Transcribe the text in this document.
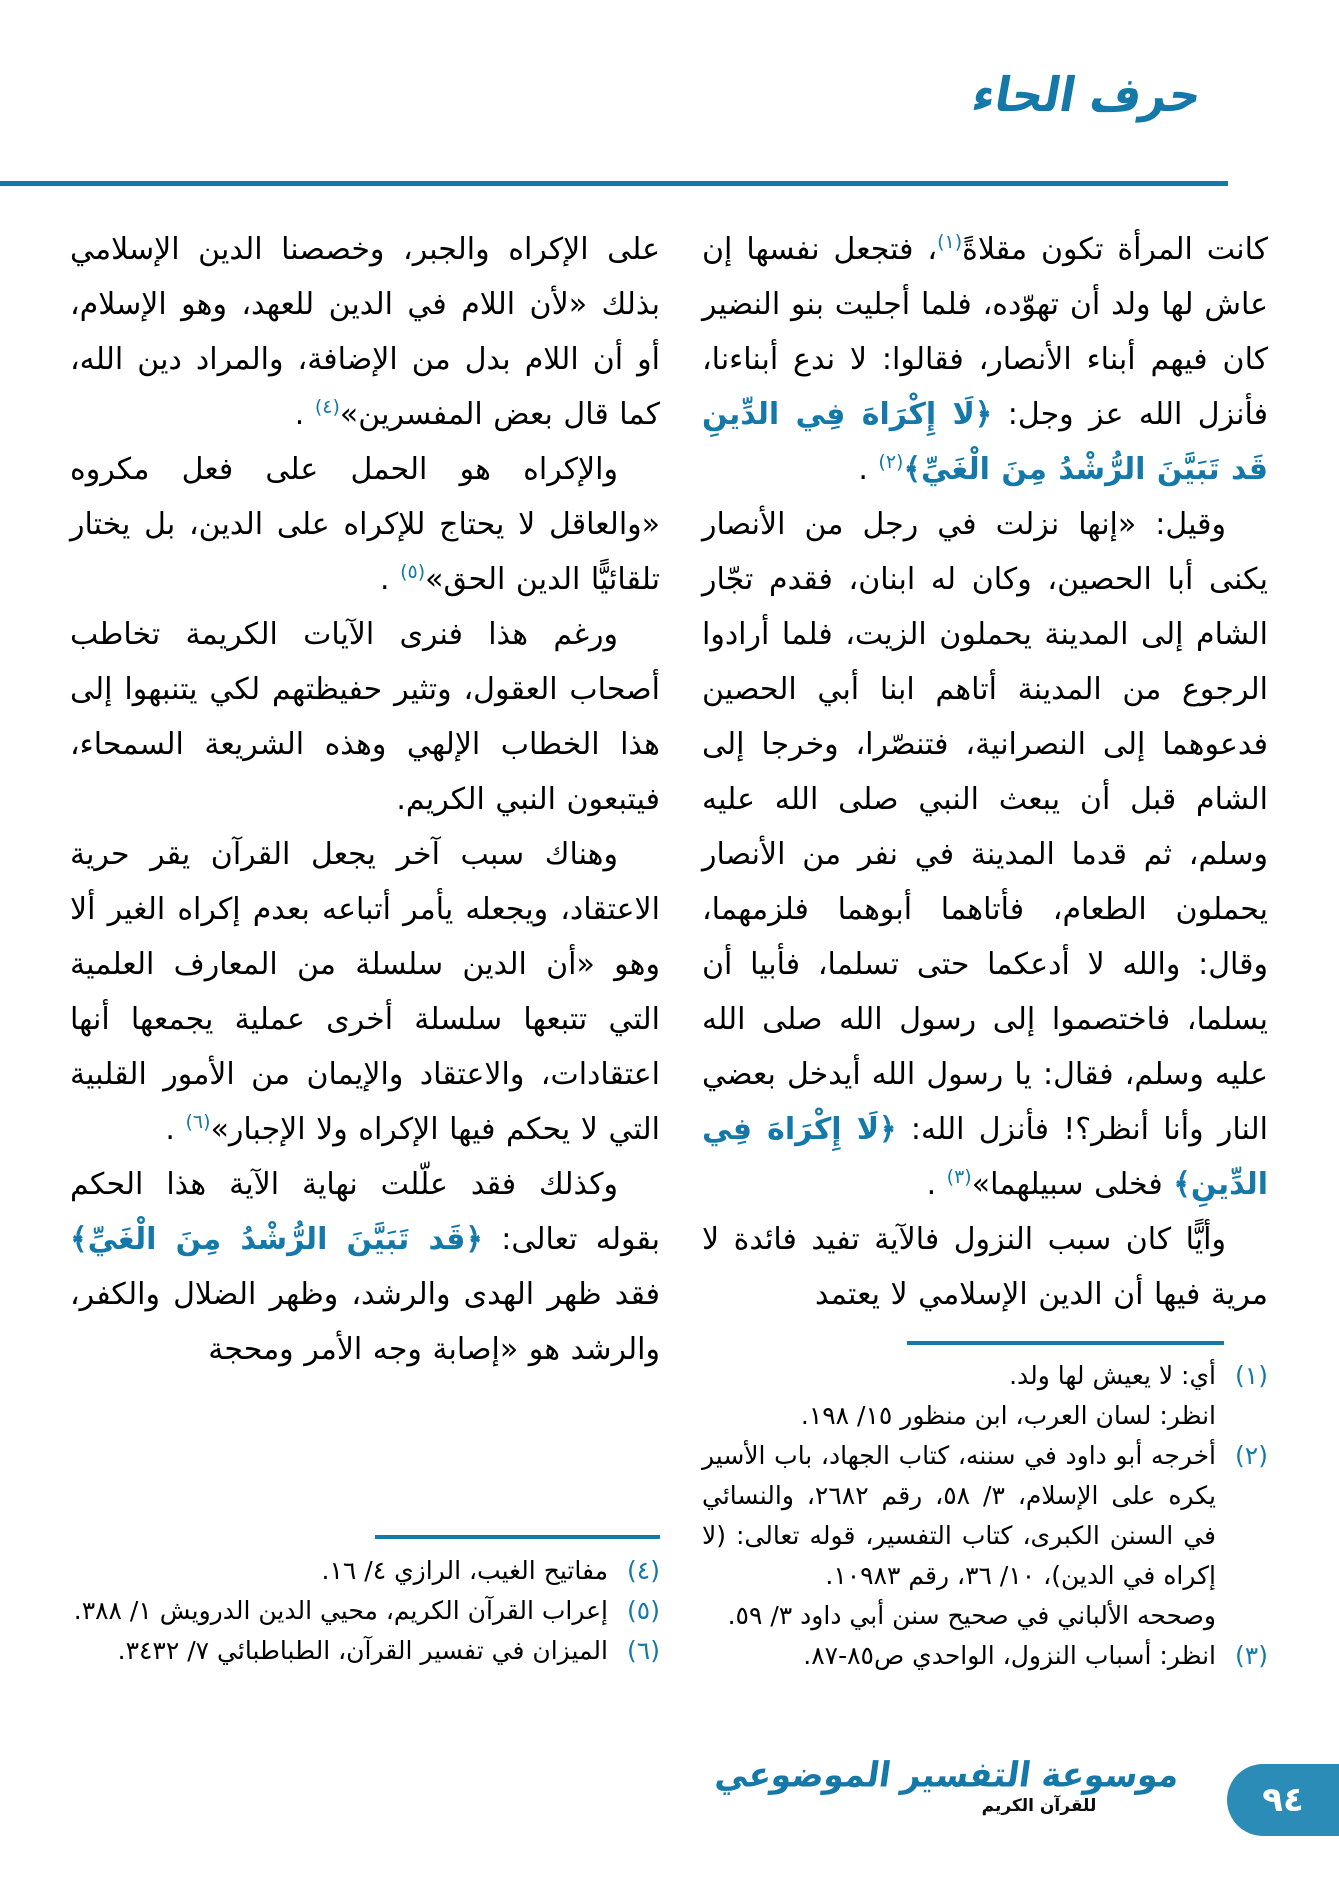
حرف الحاء

كانت المرأة تكون مقلاةً$^{(١)}$، فتجعل نفسها إن عاش لها ولد أن تهوّده، فلما أجليت بنو النضير كان فيهم أبناء الأنصار، فقالوا: لا ندع أبناءنا، فأنزل الله عز وجل: ﴿لَا إِكْرَاهَ فِي الدِّينِ قَد تَبَيَّنَ الرُّشْدُ مِنَ الْغَيِّ﴾$^{(٢)}$ .

وقيل: «إنها نزلت في رجل من الأنصار يكنى أبا الحصين، وكان له ابنان، فقدم تجّار الشام إلى المدينة يحملون الزيت، فلما أرادوا الرجوع من المدينة أتاهم ابنا أبي الحصين فدعوهما إلى النصرانية، فتنصّرا، وخرجا إلى الشام قبل أن يبعث النبي صلى الله عليه وسلم، ثم قدما المدينة في نفر من الأنصار يحملون الطعام، فأتاهما أبوهما فلزمهما، وقال: والله لا أدعكما حتى تسلما، فأبيا أن يسلما، فاختصموا إلى رسول الله صلى الله عليه وسلم، فقال: يا رسول الله أيدخل بعضي النار وأنا أنظر؟! فأنزل الله: ﴿لَا إِكْرَاهَ فِي الدِّينِ﴾ فخلى سبيلهما»$^{(٣)}$ .

وأيًّا كان سبب النزول فالآية تفيد فائدة لا مرية فيها أن الدين الإسلامي لا يعتمد

على الإكراه والجبر، وخصصنا الدين الإسلامي بذلك «لأن اللام في الدين للعهد، وهو الإسلام، أو أن اللام بدل من الإضافة، والمراد دين الله، كما قال بعض المفسرين»$^{(٤)}$ .

والإكراه هو الحمل على فعل مكروه «والعاقل لا يحتاج للإكراه على الدين، بل يختار تلقائيًّا الدين الحق»$^{(٥)}$ .

ورغم هذا فنرى الآيات الكريمة تخاطب أصحاب العقول، وتثير حفيظتهم لكي يتنبهوا إلى هذا الخطاب الإلهي وهذه الشريعة السمحاء، فيتبعون النبي الكريم.

وهناك سبب آخر يجعل القرآن يقر حرية الاعتقاد، ويجعله يأمر أتباعه بعدم إكراه الغير ألا وهو «أن الدين سلسلة من المعارف العلمية التي تتبعها سلسلة أخرى عملية يجمعها أنها اعتقادات، والاعتقاد والإيمان من الأمور القلبية التي لا يحكم فيها الإكراه ولا الإجبار»$^{(٦)}$ .

وكذلك فقد علّلت نهاية الآية هذا الحكم بقوله تعالى: ﴿قَد تَبَيَّنَ الرُّشْدُ مِنَ الْغَيِّ﴾ فقد ظهر الهدى والرشد، وظهر الضلال والكفر، والرشد هو «إصابة وجه الأمر ومحجة

(١)
أي: لا يعيش لها ولد.
انظر: لسان العرب، ابن منظور ١٥/ ١٩٨.
(٢)
أخرجه أبو داود في سننه، كتاب الجهاد، باب الأسير يكره على الإسلام، ٣/ ٥٨، رقم ٢٦٨٢، والنسائي في السنن الكبرى، كتاب التفسير، قوله تعالى: (لا إكراه في الدين)، ١٠/ ٣٦، رقم ١٠٩٨٣.
وصححه الألباني في صحيح سنن أبي داود ٣/ ٥٩.
(٣)
انظر: أسباب النزول، الواحدي ص٨٥-٨٧.
(٤)
مفاتيح الغيب، الرازي ٤/ ١٦.
(٥)
إعراب القرآن الكريم، محيي الدين الدرويش ١/ ٣٨٨.
(٦)
الميزان في تفسير القرآن، الطباطبائي ٧/ ٣٤٣٢.
موسوعة التفسير الموضوعي
للقرآن الكريم	٩٤
